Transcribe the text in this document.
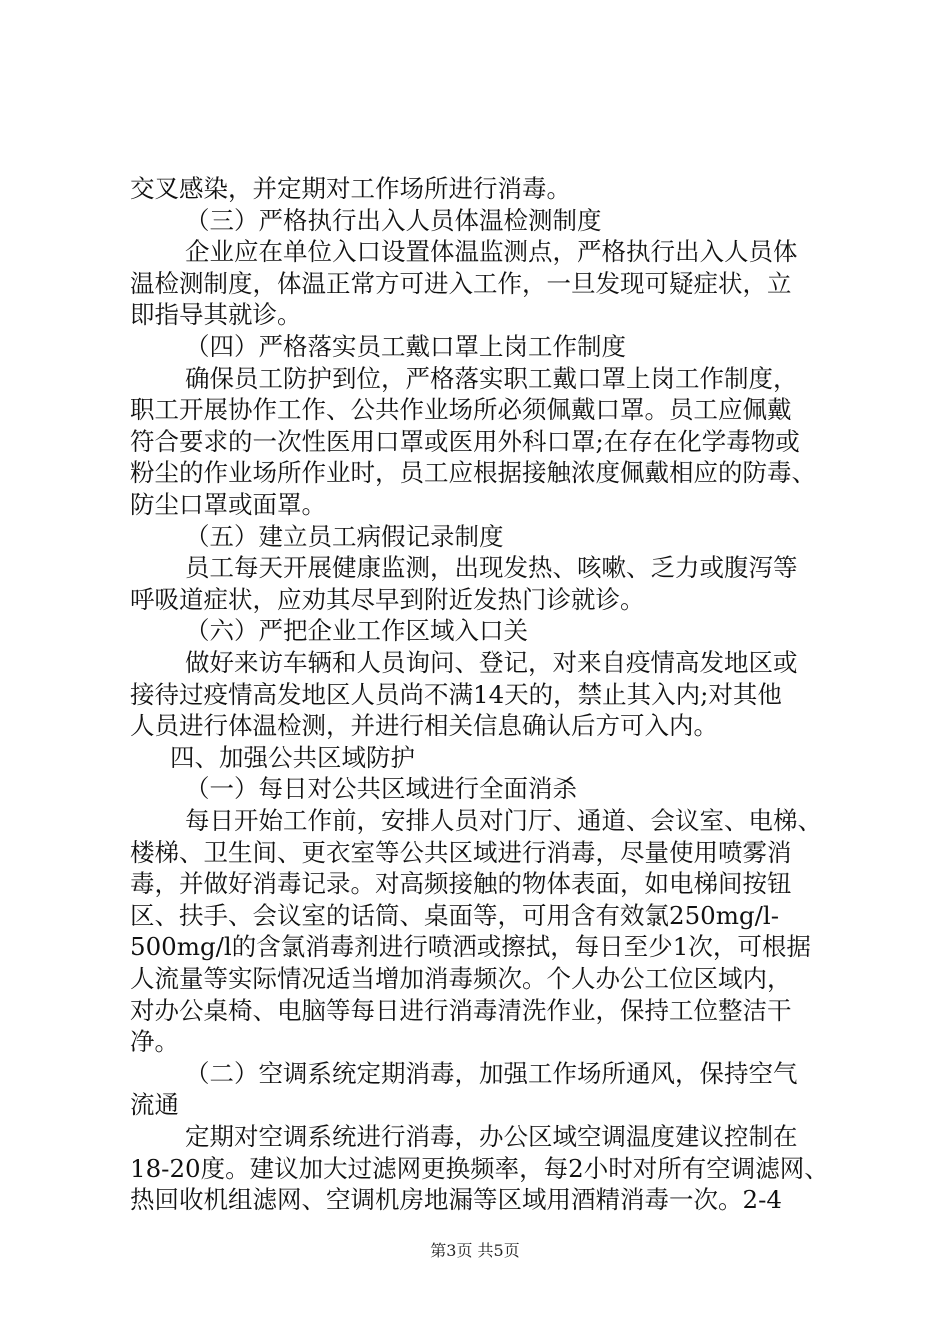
交叉感染，并定期对工作场所进行消毒。
（三）严格执行出入人员体温检测制度
企业应在单位入口设置体温监测点，严格执行出入人员体
温检测制度，体温正常方可进入工作，一旦发现可疑症状，立
即指导其就诊。
（四）严格落实员工戴口罩上岗工作制度
确保员工防护到位，严格落实职工戴口罩上岗工作制度，
职工开展协作工作、公共作业场所必须佩戴口罩。员工应佩戴
符合要求的一次性医用口罩或医用外科口罩;在存在化学毒物或
粉尘的作业场所作业时，员工应根据接触浓度佩戴相应的防毒、
防尘口罩或面罩。
（五）建立员工病假记录制度
员工每天开展健康监测，出现发热、咳嗽、乏力或腹泻等
呼吸道症状，应劝其尽早到附近发热门诊就诊。
（六）严把企业工作区域入口关
做好来访车辆和人员询问、登记，对来自疫情高发地区或
接待过疫情高发地区人员尚不满14天的，禁止其入内;对其他
人员进行体温检测，并进行相关信息确认后方可入内。
四、加强公共区域防护
（一）每日对公共区域进行全面消杀
每日开始工作前，安排人员对门厅、通道、会议室、电梯、
楼梯、卫生间、更衣室等公共区域进行消毒，尽量使用喷雾消
毒，并做好消毒记录。对高频接触的物体表面，如电梯间按钮
区、扶手、会议室的话筒、桌面等，可用含有效氯250mg/l-
500mg/l的含氯消毒剂进行喷洒或擦拭，每日至少1次，可根据
人流量等实际情况适当增加消毒频次。个人办公工位区域内，
对办公桌椅、电脑等每日进行消毒清洗作业，保持工位整洁干
净。
（二）空调系统定期消毒，加强工作场所通风，保持空气
流通
定期对空调系统进行消毒，办公区域空调温度建议控制在
18-20度。建议加大过滤网更换频率，每2小时对所有空调滤网、
热回收机组滤网、空调机房地漏等区域用酒精消毒一次。2-4
第3页 共5页
